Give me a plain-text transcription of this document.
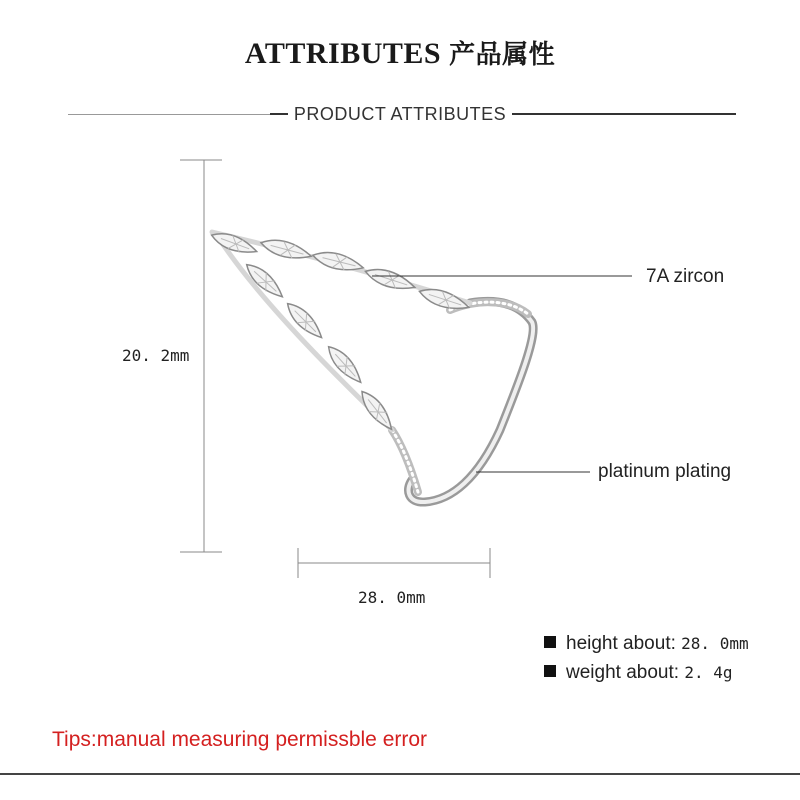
ATTRIBUTES 产品属性
PRODUCT ATTRIBUTES
20. 2mm
28. 0mm
7A zircon
platinum plating
height about: 28. 0mm
weight about: 2. 4g
Tips:manual measuring permissble error
